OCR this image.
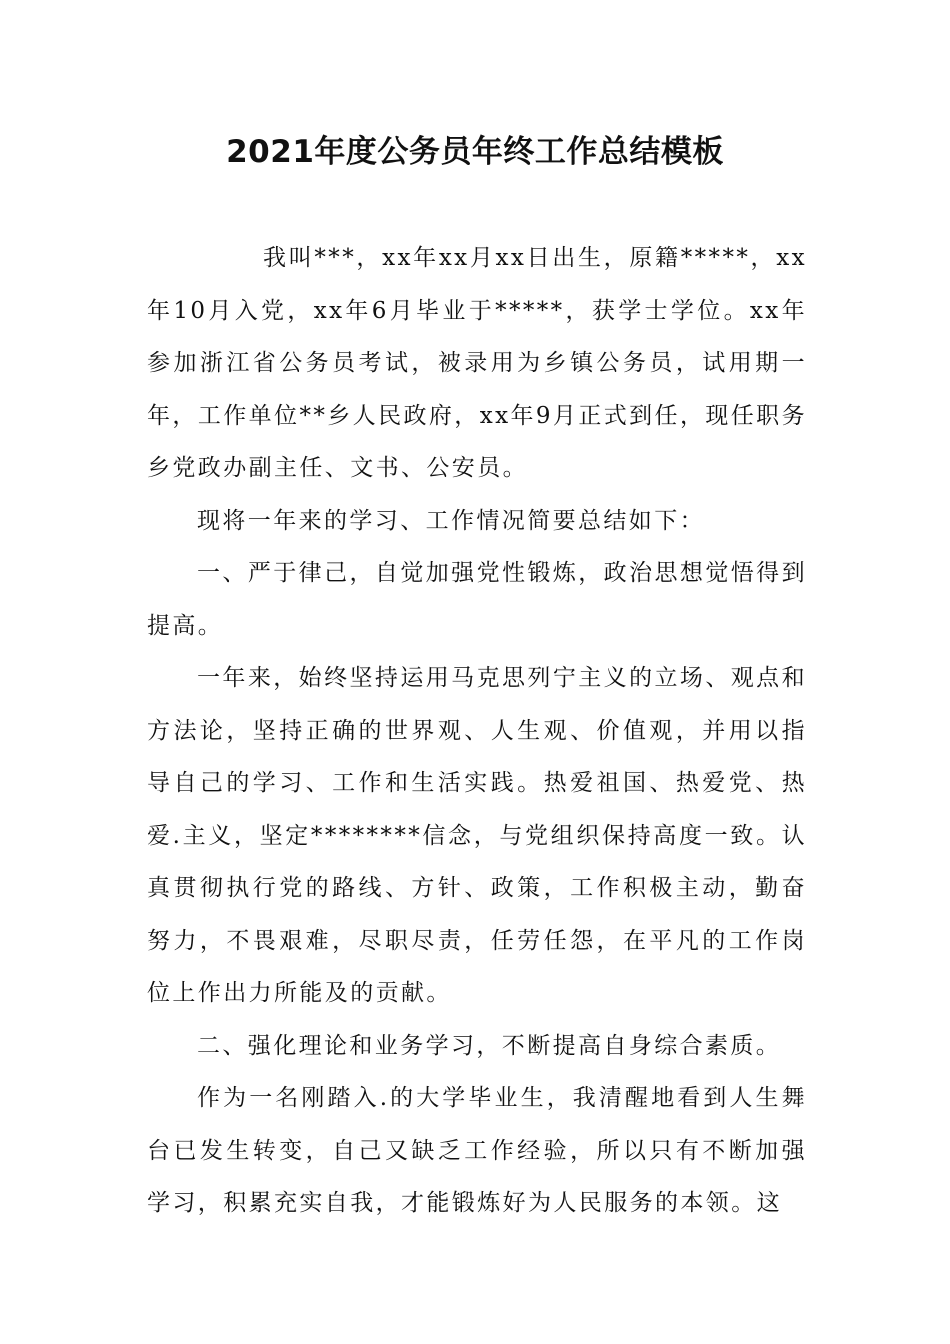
2021年度公务员年终工作总结模板

我叫***，xx年xx月xx日出生，原籍*****，xx年10月入党，xx年6月毕业于*****，获学士学位。xx年参加浙江省公务员考试，被录用为乡镇公务员，试用期一年，工作单位**乡人民政府，xx年9月正式到任，现任职务乡党政办副主任、文书、公安员。

现将一年来的学习、工作情况简要总结如下：

一、严于律己，自觉加强党性锻炼，政治思想觉悟得到提高。

一年来，始终坚持运用马克思列宁主义的立场、观点和方法论，坚持正确的世界观、人生观、价值观，并用以指导自己的学习、工作和生活实践。热爱祖国、热爱党、热爱.主义，坚定********信念，与党组织保持高度一致。认真贯彻执行党的路线、方针、政策，工作积极主动，勤奋努力，不畏艰难，尽职尽责，任劳任怨，在平凡的工作岗位上作出力所能及的贡献。

二、强化理论和业务学习，不断提高自身综合素质。

作为一名刚踏入.的大学毕业生，我清醒地看到人生舞台已发生转变，自己又缺乏工作经验，所以只有不断加强学习，积累充实自我，才能锻炼好为人民服务的本领。这
